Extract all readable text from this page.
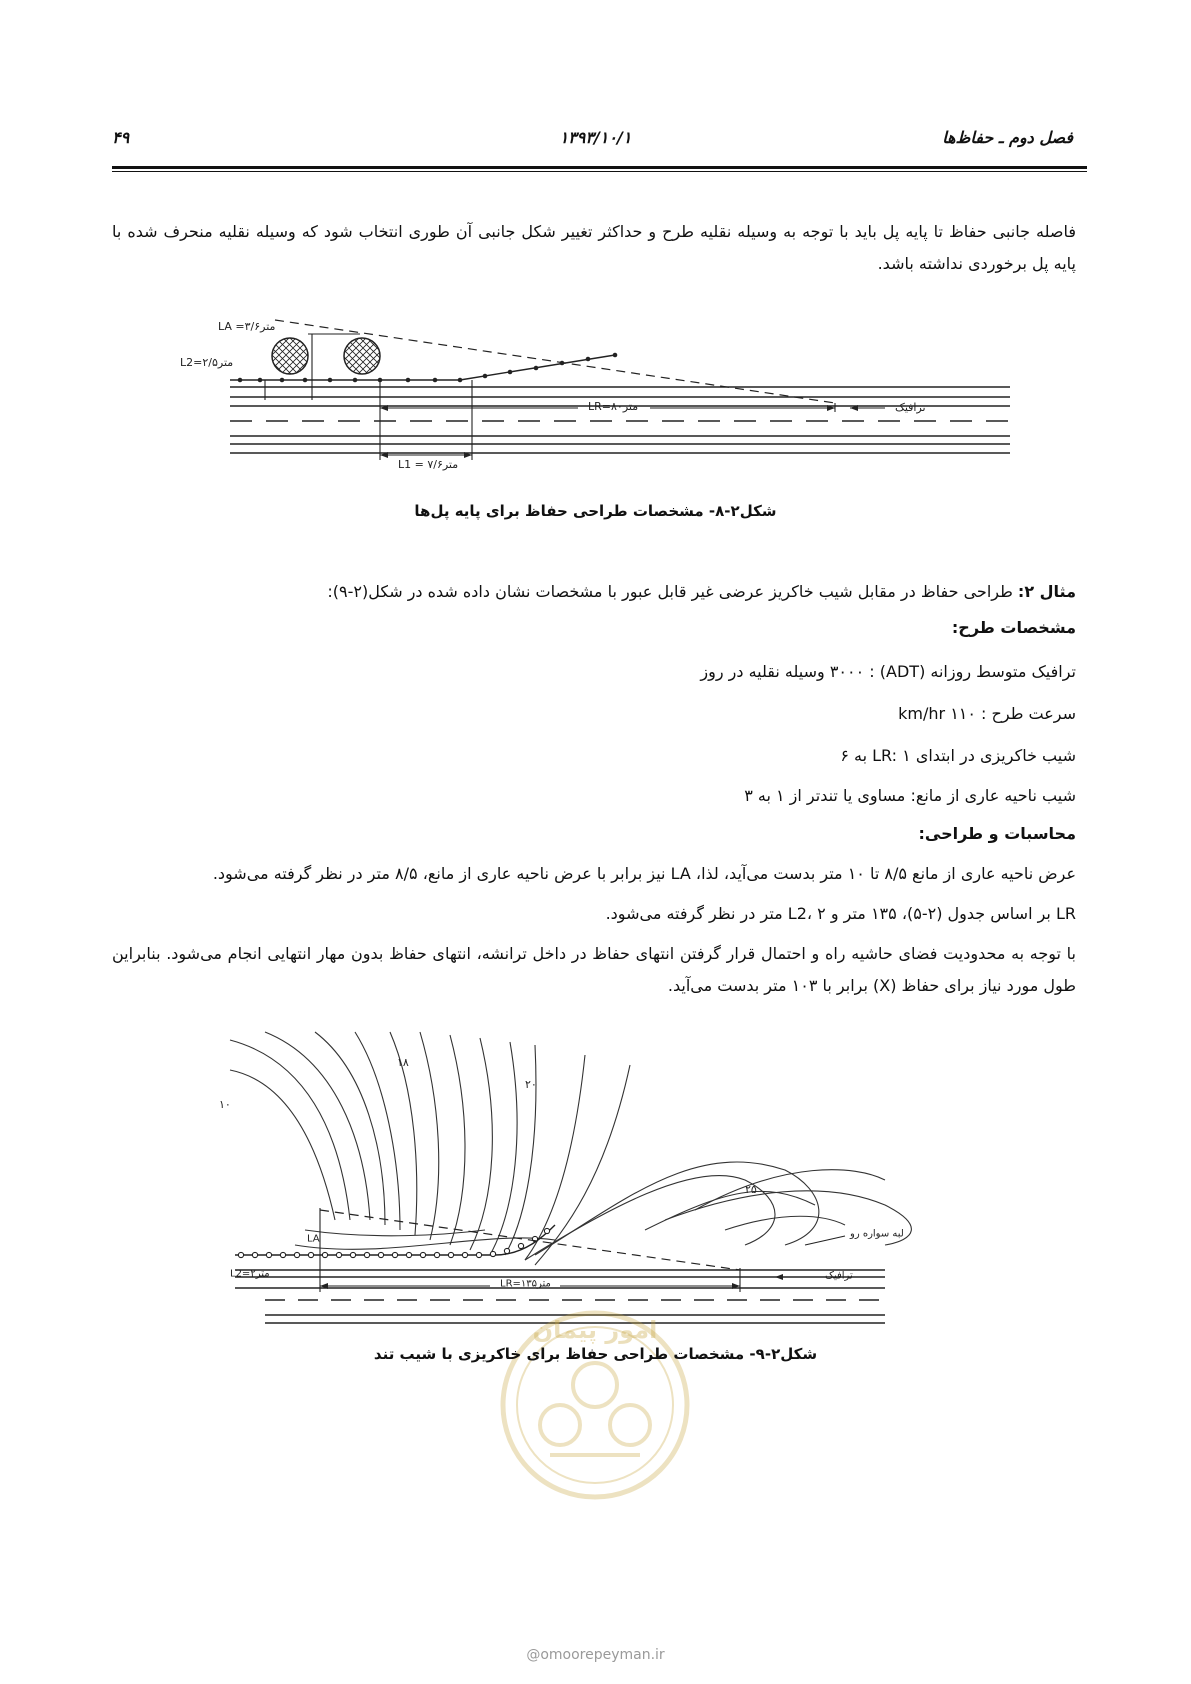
۴۹	۱۳۹۳/۱۰/۱	فصل دوم ـ حفاظ‌ها
فاصله جانبی حفاظ تا پایه پل باید با توجه به وسیله نقلیه طرح و حداکثر تغییر شکل جانبی آن طوری انتخاب شود که وسیله نقلیه منحرف شده با پایه پل برخوردی نداشته باشد.
LA =۳/۶متر
L2=۲/۵متر
LR=۸۰متر
L1 = ۷/۶متر
ترافیک
شکل۲-۸- مشخصات طراحی حفاظ برای پایه پل‌ها
مثال ۲: طراحی حفاظ در مقابل شیب خاکریز عرضی غیر قابل عبور با مشخصات نشان داده شده در شکل(۲-۹):
مشخصات طرح:
ترافیک متوسط روزانه (ADT) : ۳۰۰۰ وسیله نقلیه در روز
سرعت طرح : ۱۱۰ km/hr
شیب خاکریزی در ابتدای LR: ۱ به ۶
شیب ناحیه عاری از مانع: مساوی یا تندتر از ۱ به ۳
محاسبات و طراحی:
عرض ناحیه عاری از مانع ۸/۵ تا ۱۰ متر بدست می‌آید، لذا، LA نیز برابر با عرض ناحیه عاری از مانع، ۸/۵ متر در نظر گرفته می‌شود.
LR بر اساس جدول (۲-۵)، ۱۳۵ متر و L2، ۲ متر در نظر گرفته می‌شود.
با توجه به محدودیت فضای حاشیه راه و احتمال قرار گرفتن انتهای حفاظ در داخل ترانشه، انتهای حفاظ بدون مهار انتهایی انجام می‌شود. بنابراین طول مورد نیاز برای حفاظ (X) برابر با ۱۰۳ متر بدست می‌آید.
۱۰
۱۸
۲۰
۲۵
لبه سواره رو
ترافیک
LR=۱۳۵متر
L2=۲متر
LA
شکل۲-۹- مشخصات طراحی حفاظ برای خاکریزی با شیب تند
امور پیمان
@omoorepeyman.ir
